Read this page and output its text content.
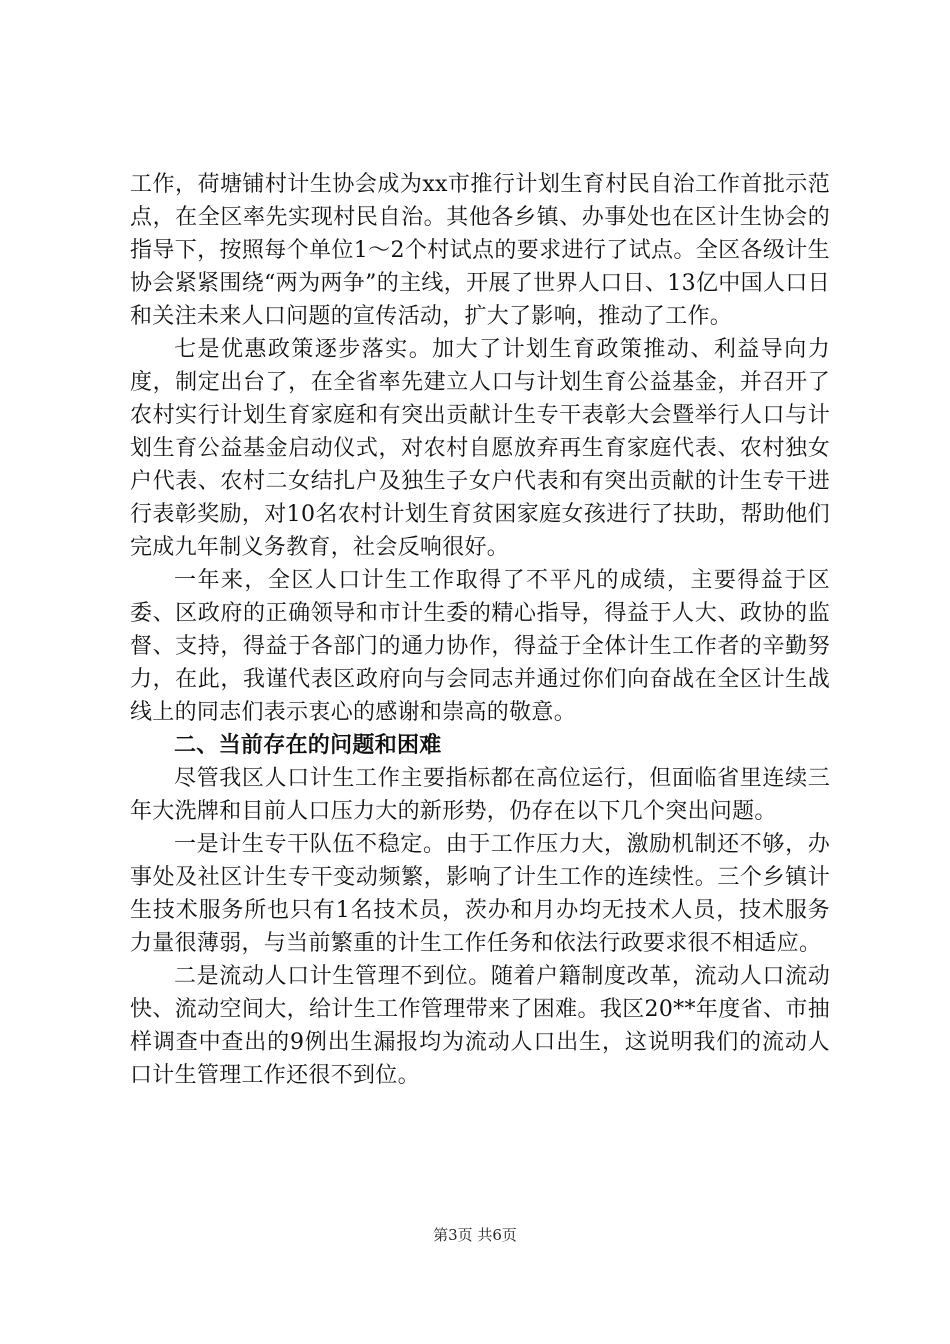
工作，荷塘铺村计生协会成为xx市推行计划生育村民自治工作首批示范点，在全区率先实现村民自治。其他各乡镇、办事处也在区计生协会的指导下，按照每个单位1～2个村试点的要求进行了试点。全区各级计生协会紧紧围绕“两为两争”的主线，开展了世界人口日、13亿中国人口日和关注未来人口问题的宣传活动，扩大了影响，推动了工作。

七是优惠政策逐步落实。加大了计划生育政策推动、利益导向力度，制定出台了，在全省率先建立人口与计划生育公益基金，并召开了农村实行计划生育家庭和有突出贡献计生专干表彰大会暨举行人口与计划生育公益基金启动仪式，对农村自愿放弃再生育家庭代表、农村独女户代表、农村二女结扎户及独生子女户代表和有突出贡献的计生专干进行表彰奖励，对10名农村计划生育贫困家庭女孩进行了扶助，帮助他们完成九年制义务教育，社会反响很好。

一年来，全区人口计生工作取得了不平凡的成绩，主要得益于区委、区政府的正确领导和市计生委的精心指导，得益于人大、政协的监督、支持，得益于各部门的通力协作，得益于全体计生工作者的辛勤努力，在此，我谨代表区政府向与会同志并通过你们向奋战在全区计生战线上的同志们表示衷心的感谢和崇高的敬意。

二、当前存在的问题和困难

尽管我区人口计生工作主要指标都在高位运行，但面临省里连续三年大洗牌和目前人口压力大的新形势，仍存在以下几个突出问题。

一是计生专干队伍不稳定。由于工作压力大，激励机制还不够，办事处及社区计生专干变动频繁，影响了计生工作的连续性。三个乡镇计生技术服务所也只有1名技术员，茨办和月办均无技术人员，技术服务力量很薄弱，与当前繁重的计生工作任务和依法行政要求很不相适应。

二是流动人口计生管理不到位。随着户籍制度改革，流动人口流动快、流动空间大，给计生工作管理带来了困难。我区20**年度省、市抽样调查中查出的9例出生漏报均为流动人口出生，这说明我们的流动人口计生管理工作还很不到位。

第3页 共6页
